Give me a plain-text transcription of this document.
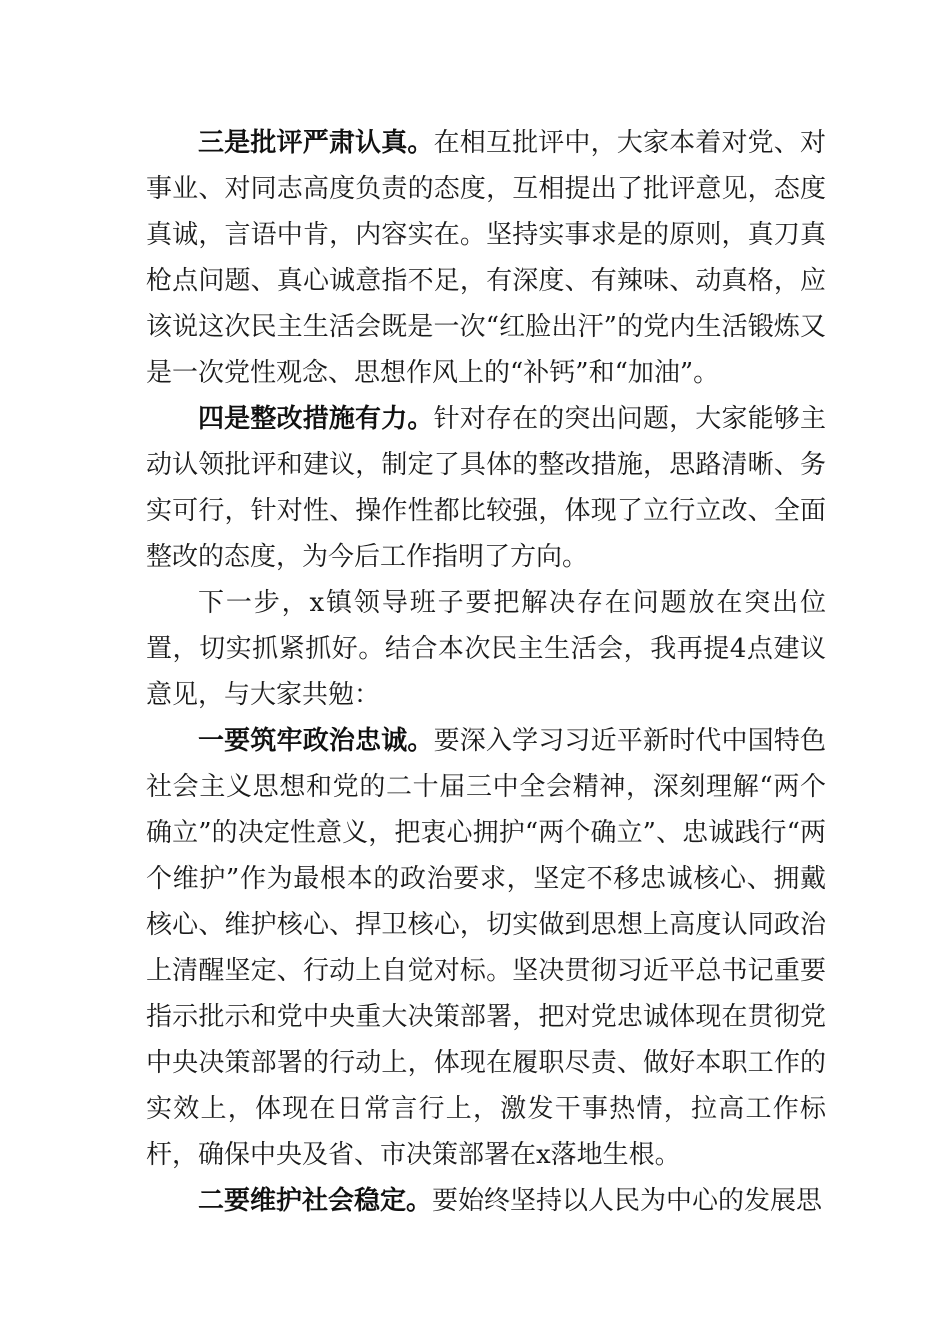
三是批评严肃认真。在相互批评中，大家本着对党、对事业、对同志高度负责的态度，互相提出了批评意见，态度真诚，言语中肯，内容实在。坚持实事求是的原则，真刀真枪点问题、真心诚意指不足，有深度、有辣味、动真格，应该说这次民主生活会既是一次“红脸出汗”的党内生活锻炼又是一次党性观念、思想作风上的“补钙”和“加油”。

四是整改措施有力。针对存在的突出问题，大家能够主动认领批评和建议，制定了具体的整改措施，思路清晰、务实可行，针对性、操作性都比较强，体现了立行立改、全面整改的态度，为今后工作指明了方向。

下一步，x镇领导班子要把解决存在问题放在突出位置，切实抓紧抓好。结合本次民主生活会，我再提4点建议意见，与大家共勉：

一要筑牢政治忠诚。要深入学习习近平新时代中国特色社会主义思想和党的二十届三中全会精神，深刻理解“两个确立”的决定性意义，把衷心拥护“两个确立”、忠诚践行“两个维护”作为最根本的政治要求，坚定不移忠诚核心、拥戴核心、维护核心、捍卫核心，切实做到思想上高度认同政治上清醒坚定、行动上自觉对标。坚决贯彻习近平总书记重要指示批示和党中央重大决策部署，把对党忠诚体现在贯彻党中央决策部署的行动上，体现在履职尽责、做好本职工作的实效上，体现在日常言行上，激发干事热情，拉高工作标杆，确保中央及省、市决策部署在x落地生根。

二要维护社会稳定。要始终坚持以人民为中心的发展思
